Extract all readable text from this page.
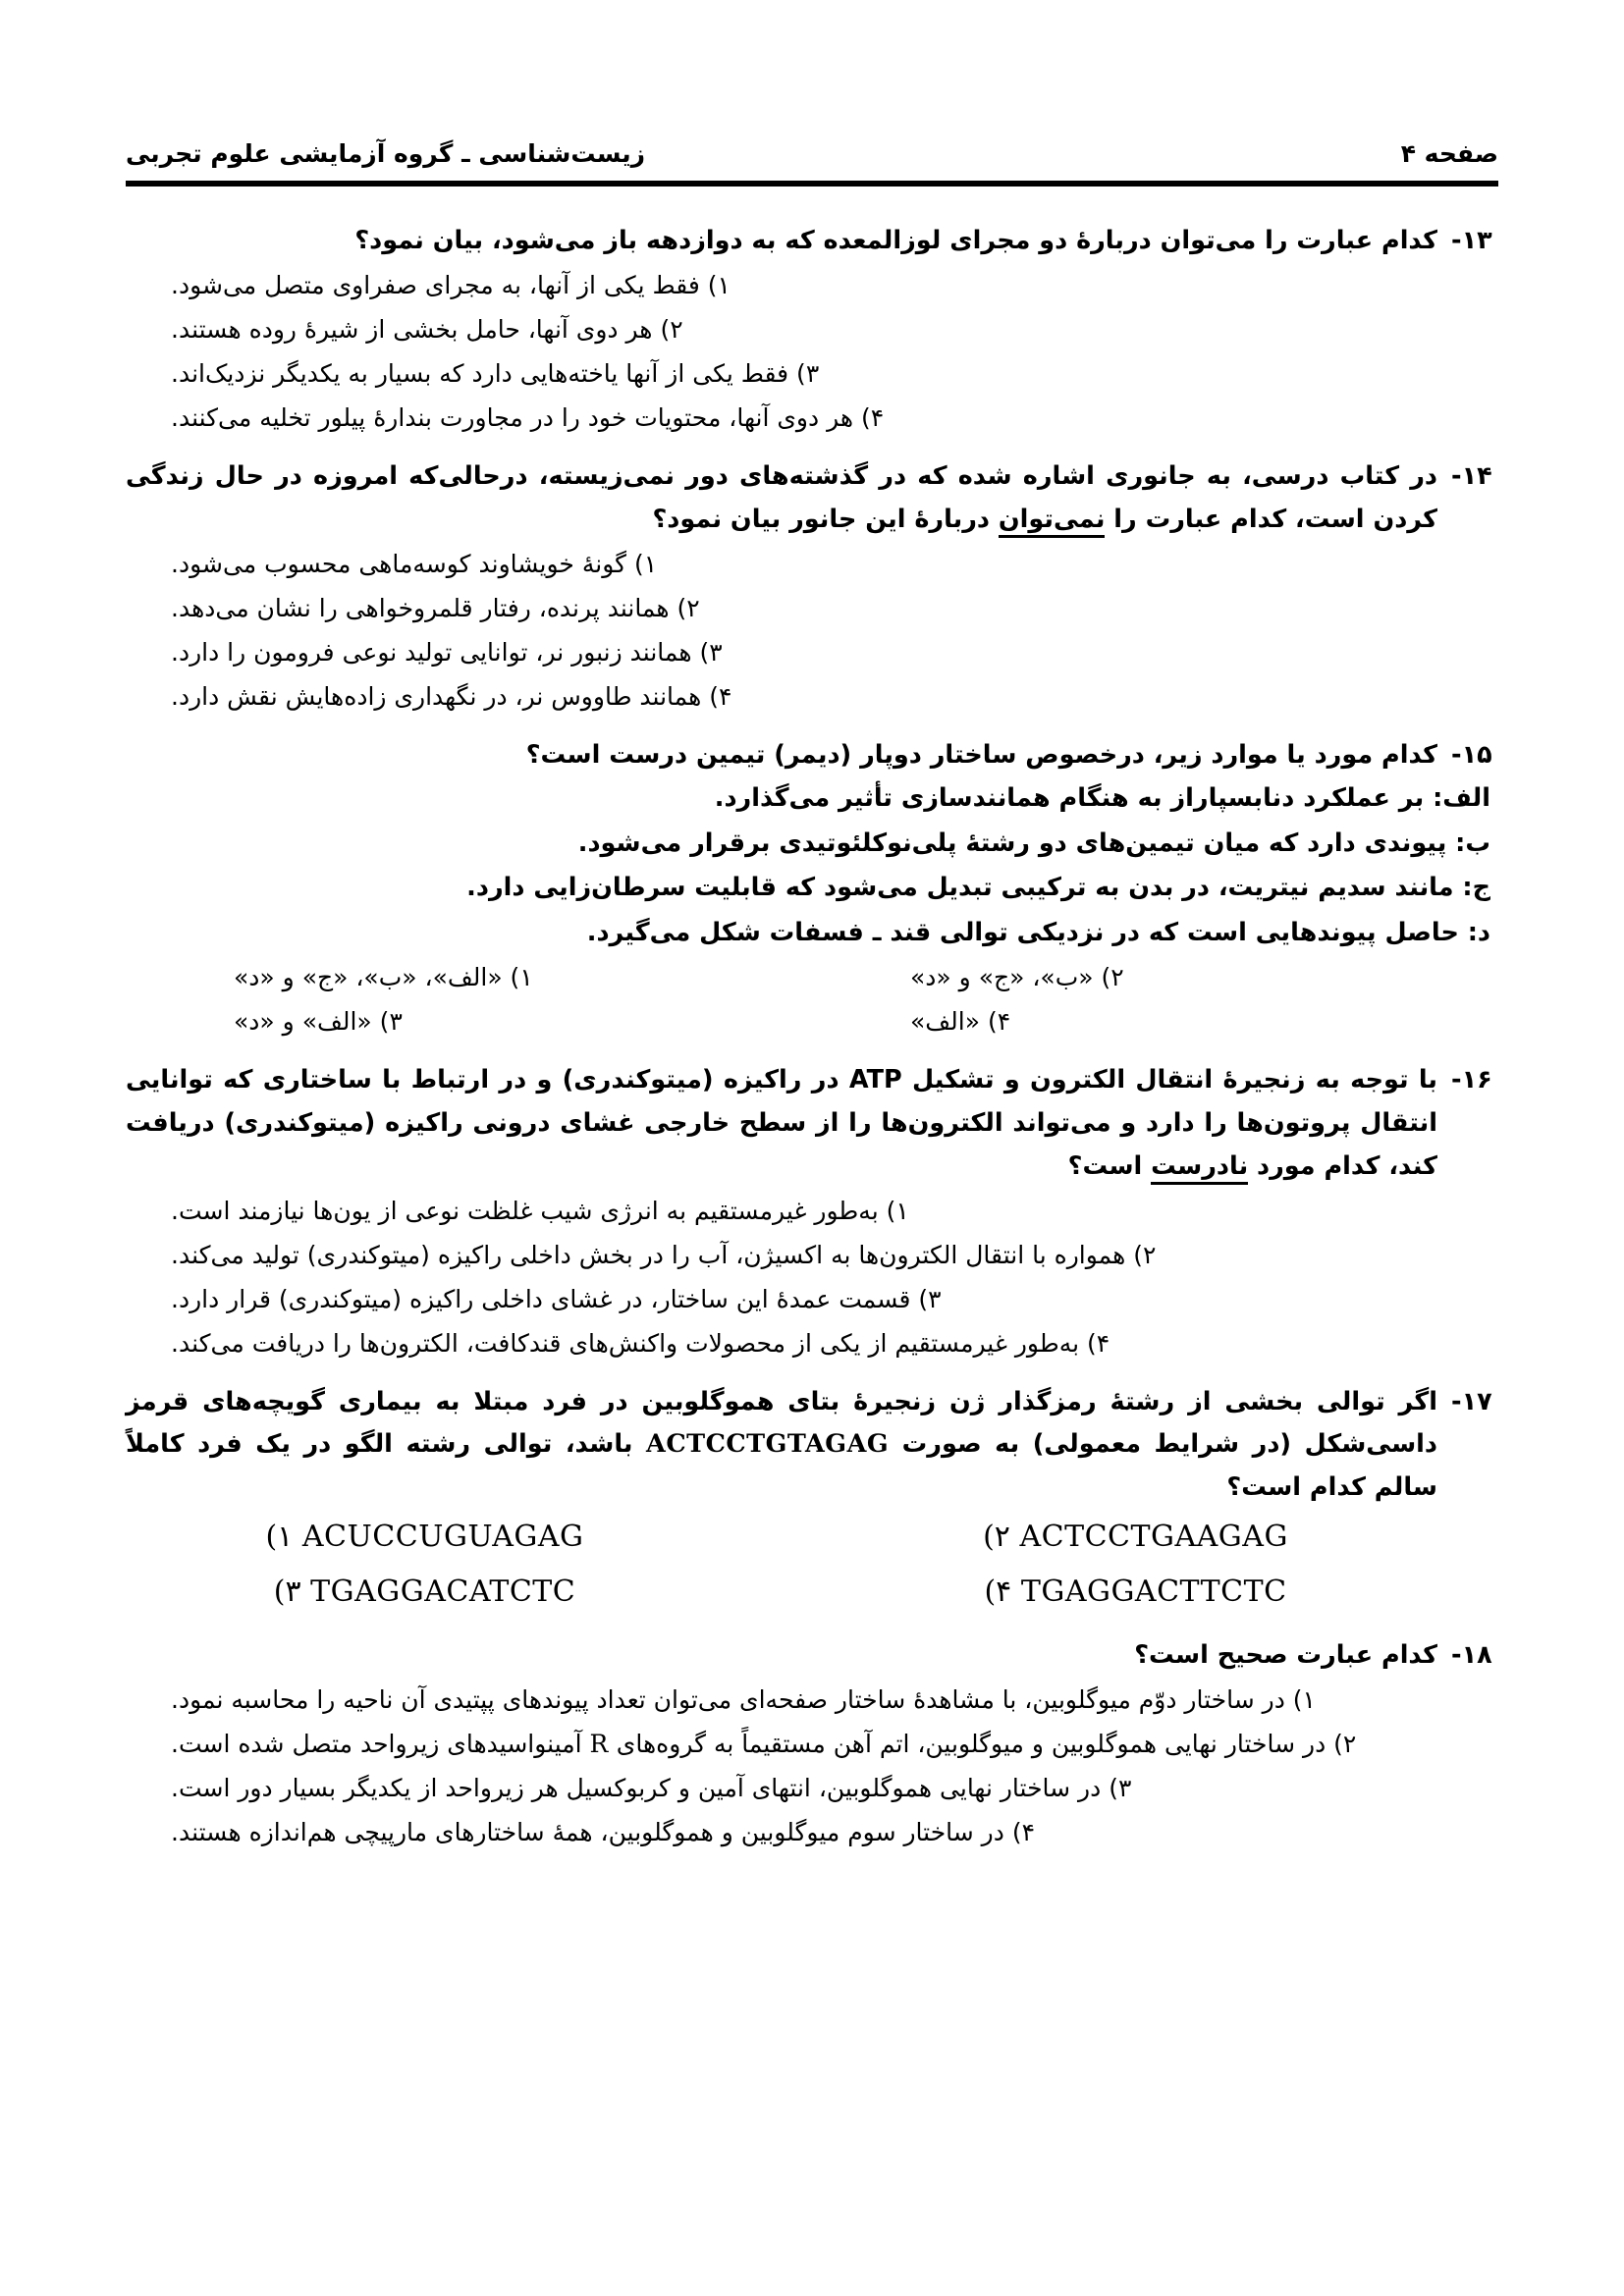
زیست‌شناسی ـ گروه آزمایشی علوم تجربی	صفحه ۴
۱۳-
کدام عبارت را می‌توان دربارهٔ دو مجرای لوزالمعده که به دوازدهه باز می‌شود، بیان نمود؟
۱) فقط یکی از آنها، به مجرای صفراوی متصل می‌شود.
۲) هر دوی آنها، حامل بخشی از شیرهٔ روده هستند.
۳) فقط یکی از آنها یاخته‌هایی دارد که بسیار به یکدیگر نزدیک‌اند.
۴) هر دوی آنها، محتویات خود را در مجاورت بندارهٔ پیلور تخلیه می‌کنند.
۱۴-
در کتاب درسی، به جانوری اشاره شده که در گذشته‌های دور نمی‌زیسته، درحالی‌که امروزه در حال زندگی کردن است، کدام عبارت را نمی‌توان دربارهٔ این جانور بیان نمود؟
۱) گونهٔ خویشاوند کوسه‌ماهی محسوب می‌شود.
۲) همانند پرنده، رفتار قلمروخواهی را نشان می‌دهد.
۳) همانند زنبور نر، توانایی تولید نوعی فرومون را دارد.
۴) همانند طاووس نر، در نگهداری زاده‌هایش نقش دارد.
۱۵-
کدام مورد یا موارد زیر، درخصوص ساختار دوپار (دیمر) تیمین درست است؟
الف: بر عملکرد دنابسپاراز به هنگام همانندسازی تأثیر می‌گذارد.
ب: پیوندی دارد که میان تیمین‌های دو رشتهٔ پلی‌نوکلئوتیدی برقرار می‌شود.
ج: مانند سدیم نیتریت، در بدن به ترکیبی تبدیل می‌شود که قابلیت سرطان‌زایی دارد.
د: حاصل پیوندهایی است که در نزدیکی توالی قند ـ فسفات شکل می‌گیرد.
۲) «ب»، «ج» و «د»
۱) «الف»، «ب»، «ج» و «د»
۴) «الف»
۳) «الف» و «د»
۱۶-
با توجه به زنجیرهٔ انتقال الکترون و تشکیل ATP در راکیزه (میتوکندری) و در ارتباط با ساختاری که توانایی انتقال پروتون‌ها را دارد و می‌تواند الکترون‌ها را از سطح خارجی غشای درونی راکیزه (میتوکندری) دریافت کند، کدام مورد نادرست است؟
۱) به‌طور غیرمستقیم به انرژی شیب غلظت نوعی از یون‌ها نیازمند است.
۲) همواره با انتقال الکترون‌ها به اکسیژن، آب را در بخش داخلی راکیزه (میتوکندری) تولید می‌کند.
۳) قسمت عمدهٔ این ساختار، در غشای داخلی راکیزه (میتوکندری) قرار دارد.
۴) به‌طور غیرمستقیم از یکی از محصولات واکنش‌های قندکافت، الکترون‌ها را دریافت می‌کند.
۱۷-
اگر توالی بخشی از رشتهٔ رمزگذار ژن زنجیرهٔ بتای هموگلوبین در فرد مبتلا به بیماری گویچه‌های قرمز داسی‌شکل (در شرایط معمولی) به صورت ACTCCTGTAGAG باشد، توالی رشته الگو در یک فرد کاملاً سالم کدام است؟
ACTCCTGAAGAG ۲)
ACUCCUGUAGAG ۱)
TGAGGACTTCTC ۴)
TGAGGACATCTC ۳)
۱۸-
کدام عبارت صحیح است؟
۱) در ساختار دوّم میوگلوبین، با مشاهدهٔ ساختار صفحه‌ای می‌توان تعداد پیوندهای پپتیدی آن ناحیه را محاسبه نمود.
۲) در ساختار نهایی هموگلوبین و میوگلوبین، اتم آهن مستقیماً به گروه‌های R آمینواسیدهای زیرواحد متصل شده است.
۳) در ساختار نهایی هموگلوبین، انتهای آمین و کربوکسیل هر زیرواحد از یکدیگر بسیار دور است.
۴) در ساختار سوم میوگلوبین و هموگلوبین، همهٔ ساختارهای مارپیچی هم‌اندازه هستند.
